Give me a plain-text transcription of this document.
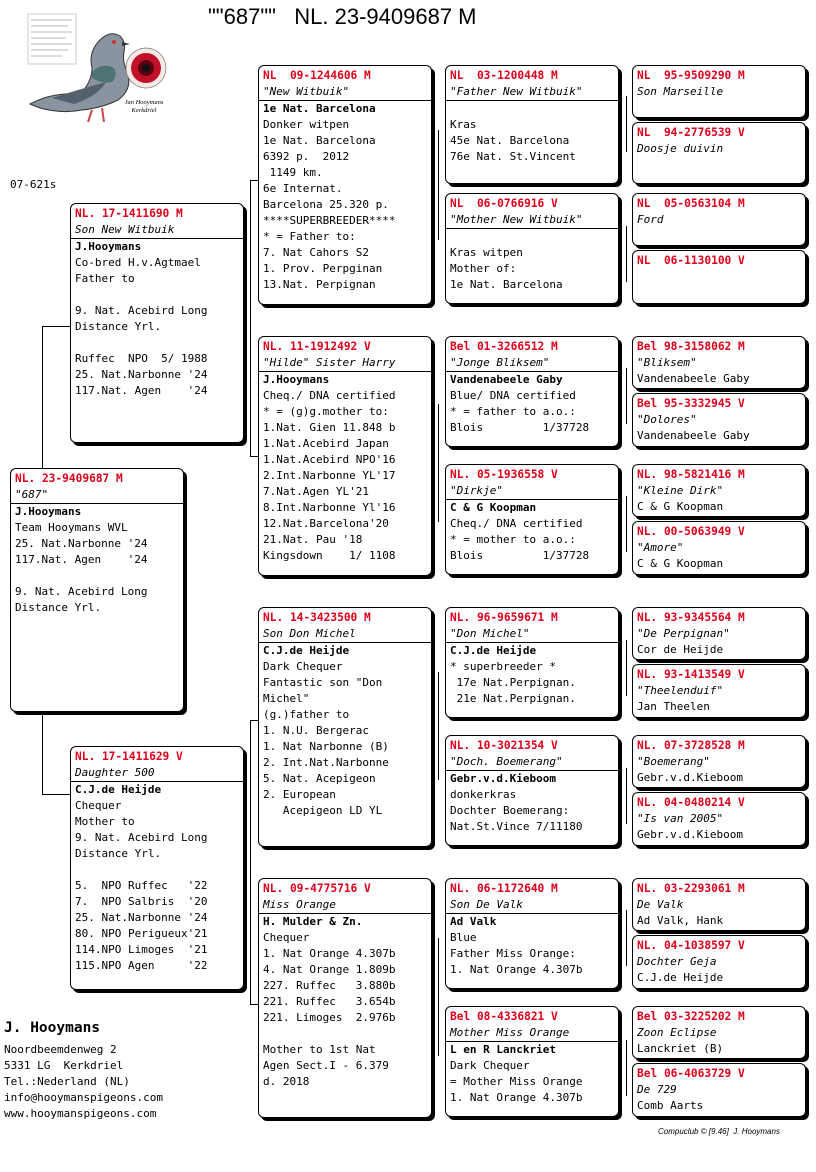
""687""   NL. 23-9409687 M
Jan Hooymans
Kerkdriel
07-621s
NL. 23-9409687 M
"687"
J.Hooymans
Team Hooymans WVL
25. Nat.Narbonne '24
117.Nat. Agen    '24
9. Nat. Acebird Long
Distance Yrl.
NL. 17-1411690 M
Son New Witbuik
J.Hooymans
Co-bred H.v.Agtmael
Father to
9. Nat. Acebird Long
Distance Yrl.
Ruffec  NPO  5/ 1988
25. Nat.Narbonne '24
117.Nat. Agen    '24
NL. 17-1411629 V
Daughter 500
C.J.de Heijde
Chequer
Mother to
9. Nat. Acebird Long
Distance Yrl.
5.  NPO Ruffec   '22
7.  NPO Salbris  '20
25. Nat.Narbonne '24
80. NPO Perigueux'21
114.NPO Limoges  '21
115.NPO Agen     '22
NL  09-1244606 M
"New Witbuik"
1e Nat. Barcelona
Donker witpen
1e Nat. Barcelona
6392 p.  2012
1149 km.
6e Internat.
Barcelona 25.320 p.
****SUPERBREEDER****
* = Father to:
7. Nat Cahors S2
1. Prov. Perpginan
13.Nat. Perpignan
NL. 11-1912492 V
"Hilde" Sister Harry
J.Hooymans
Cheq./ DNA certified
* = (g)g.mother to:
1.Nat. Gien 11.848 b
1.Nat.Acebird Japan
1.Nat.Acebird NPO'16
2.Int.Narbonne YL'17
7.Nat.Agen YL'21
8.Int.Narbonne Yl'16
12.Nat.Barcelona'20
21.Nat. Pau '18
Kingsdown    1/ 1108
NL. 14-3423500 M
Son Don Michel
C.J.de Heijde
Dark Chequer
Fantastic son "Don
Michel"
(g.)father to
1. N.U. Bergerac
1. Nat Narbonne (B)
2. Int.Nat.Narbonne
5. Nat. Acepigeon
2. European
Acepigeon LD YL
NL. 09-4775716 V
Miss Orange
H. Mulder & Zn.
Chequer
1. Nat Orange 4.307b
4. Nat Orange 1.809b
227. Ruffec   3.880b
221. Ruffec   3.654b
221. Limoges  2.976b
Mother to 1st Nat
Agen Sect.I - 6.379
d. 2018
NL  03-1200448 M
"Father New Witbuik"
Kras
45e Nat. Barcelona
76e Nat. St.Vincent
NL  06-0766916 V
"Mother New Witbuik"
Kras witpen
Mother of:
1e Nat. Barcelona
Bel 01-3266512 M
"Jonge Bliksem"
Vandenabeele Gaby
Blue/ DNA certified
* = father to a.o.:
Blois         1/37728
NL. 05-1936558 V
"Dirkje"
C & G Koopman
Cheq./ DNA certified
* = mother to a.o.:
Blois         1/37728
NL. 96-9659671 M
"Don Michel"
C.J.de Heijde
* superbreeder *
17e Nat.Perpignan.
21e Nat.Perpignan.
NL. 10-3021354 V
"Doch. Boemerang"
Gebr.v.d.Kieboom
donkerkras
Dochter Boemerang:
Nat.St.Vince 7/11180
NL. 06-1172640 M
Son De Valk
Ad Valk
Blue
Father Miss Orange:
1. Nat Orange 4.307b
Bel 08-4336821 V
Mother Miss Orange
L en R Lanckriet
Dark Chequer
= Mother Miss Orange
1. Nat Orange 4.307b
NL  95-9509290 M
Son Marseille
NL  94-2776539 V
Doosje duivin
NL  05-0563104 M
Ford
NL  06-1130100 V
Bel 98-3158062 M
"Bliksem"
Vandenabeele Gaby
Bel 95-3332945 V
"Dolores"
Vandenabeele Gaby
NL. 98-5821416 M
"Kleine Dirk"
C & G Koopman
NL. 00-5063949 V
"Amore"
C & G Koopman
NL. 93-9345564 M
"De Perpignan"
Cor de Heijde
NL. 93-1413549 V
"Theelenduif"
Jan Theelen
NL. 07-3728528 M
"Boemerang"
Gebr.v.d.Kieboom
NL. 04-0480214 V
"Is van 2005"
Gebr.v.d.Kieboom
NL. 03-2293061 M
De Valk
Ad Valk, Hank
NL. 04-1038597 V
Dochter Geja
C.J.de Heijde
Bel 03-3225202 M
Zoon Eclipse
Lanckriet (B)
Bel 06-4063729 V
De 729
Comb Aarts
J. Hooymans
Noordbeemdenweg 2
5331 LG  Kerkdriel
Tel.:Nederland (NL)
info@hooymanspigeons.com
www.hooymanspigeons.com
Compuclub © [9.46]  J. Hooymans
